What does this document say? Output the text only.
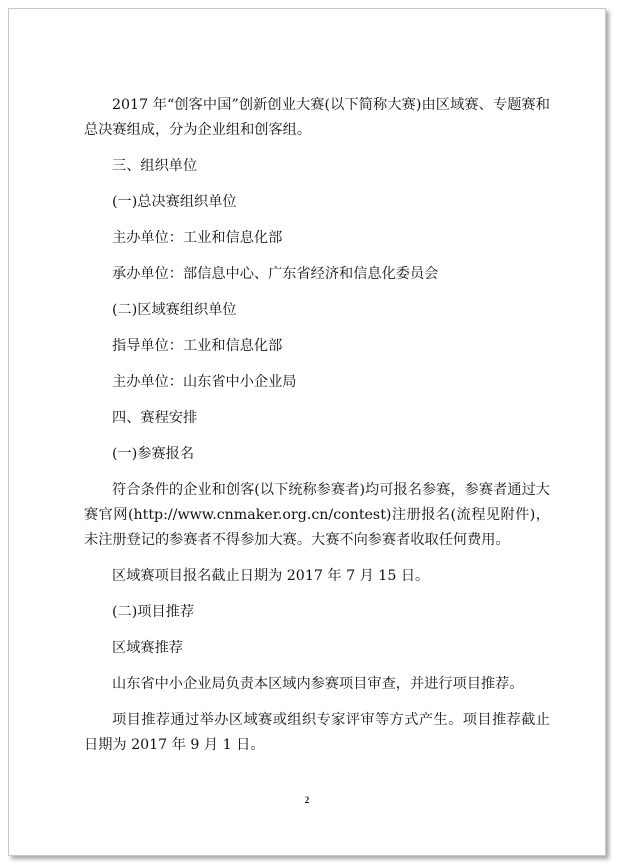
2017 年“创客中国”创新创业大赛(以下简称大赛)由区域赛、专题赛和总决赛组成，分为企业组和创客组。

三、组织单位

(一)总决赛组织单位

主办单位：工业和信息化部

承办单位：部信息中心、广东省经济和信息化委员会

(二)区域赛组织单位

指导单位：工业和信息化部

主办单位：山东省中小企业局

四、赛程安排

(一)参赛报名

符合条件的企业和创客(以下统称参赛者)均可报名参赛，参赛者通过大赛官网(http://www.cnmaker.org.cn/contest)注册报名(流程见附件)，未注册登记的参赛者不得参加大赛。大赛不向参赛者收取任何费用。

区域赛项目报名截止日期为 2017 年 7 月 15 日。

(二)项目推荐

区域赛推荐

山东省中小企业局负责本区域内参赛项目审查，并进行项目推荐。

项目推荐通过举办区域赛或组织专家评审等方式产生。项目推荐截止日期为 2017 年 9 月 1 日。

2
